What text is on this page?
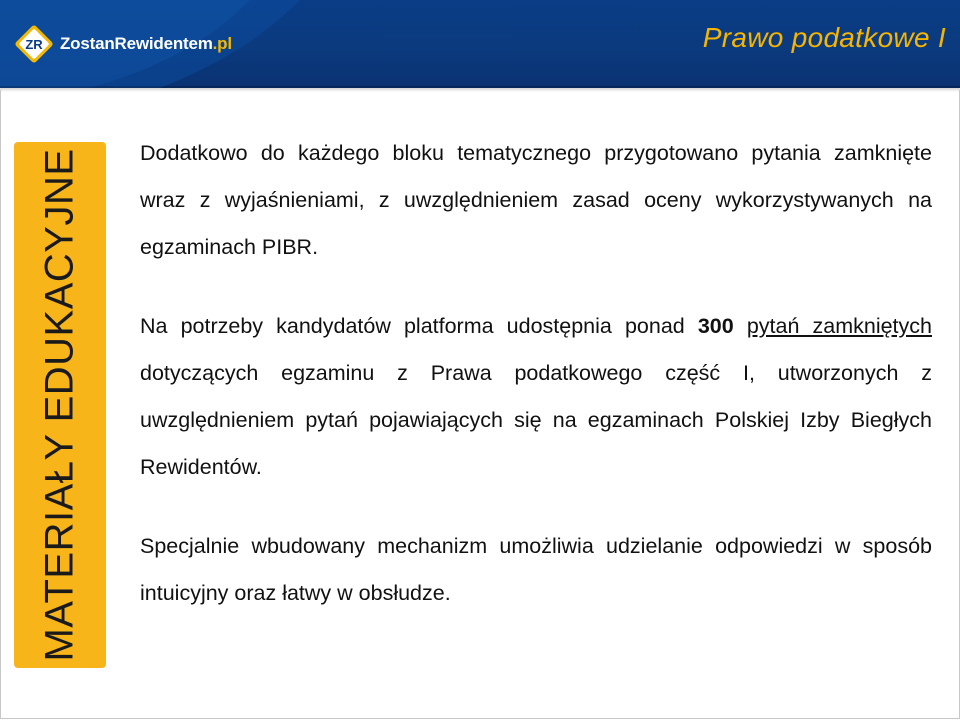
ZR ZostanRewidentem.pl	Prawo podatkowe I
MATERIAŁY EDUKACYJNE	Dodatkowo do każdego bloku tematycznego przygotowano pytania zamknięte wraz z wyjaśnieniami, z uwzględnieniem zasad oceny wykorzystywanych na egzaminach PIBR.

Na potrzeby kandydatów platforma udostępnia ponad 300 pytań zamkniętych dotyczących egzaminu z Prawa podatkowego część I, utworzonych z uwzględnieniem pytań pojawiających się na egzaminach Polskiej Izby Biegłych Rewidentów.

Specjalnie wbudowany mechanizm umożliwia udzielanie odpowiedzi w sposób intuicyjny oraz łatwy w obsłudze.
